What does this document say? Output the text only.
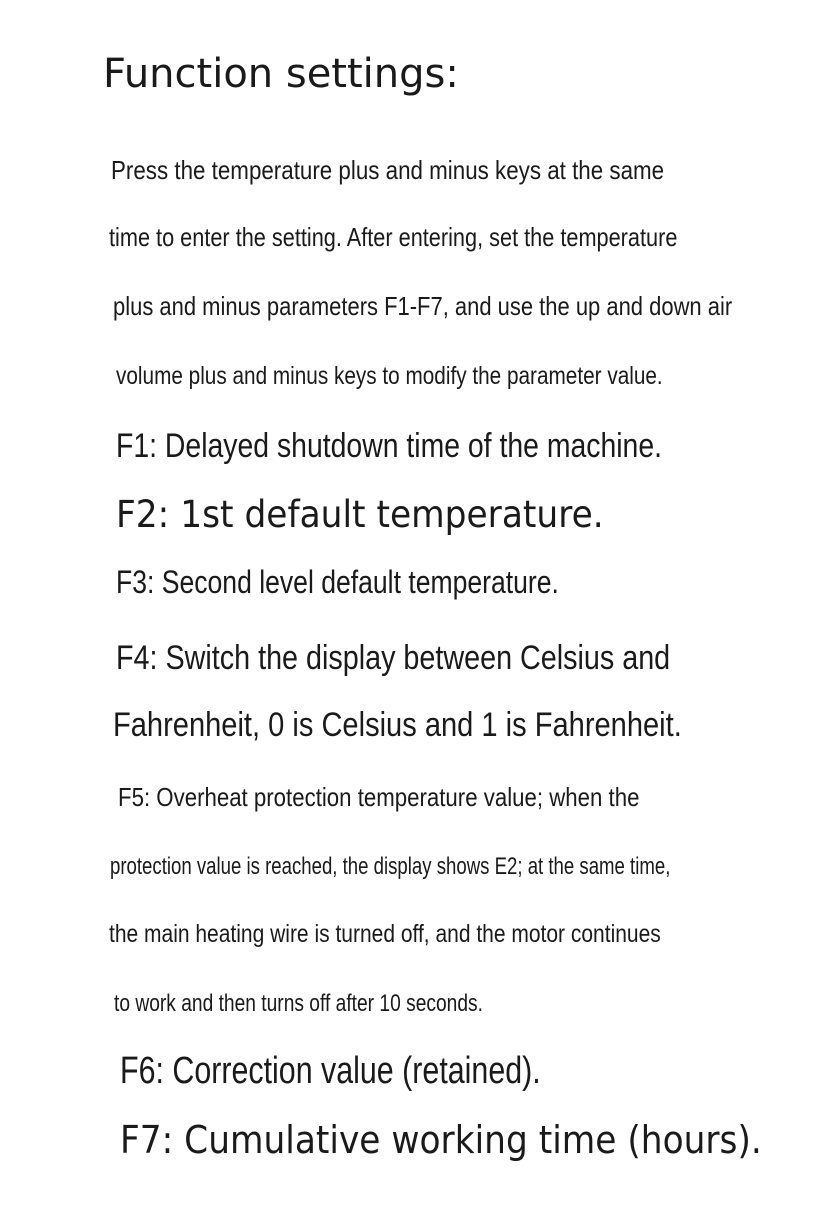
Function settings:

Press the temperature plus and minus keys at the same

time to enter the setting. After entering, set the temperature

plus and minus parameters F1-F7, and use the up and down air

volume plus and minus keys to modify the parameter value.

F1: Delayed shutdown time of the machine.

F2: 1st default temperature.

F3: Second level default temperature.

F4: Switch the display between Celsius and

Fahrenheit, 0 is Celsius and 1 is Fahrenheit.

F5: Overheat protection temperature value; when the

protection value is reached, the display shows E2; at the same time,

the main heating wire is turned off, and the motor continues

to work and then turns off after 10 seconds.

F6: Correction value (retained).

F7: Cumulative working time (hours).
